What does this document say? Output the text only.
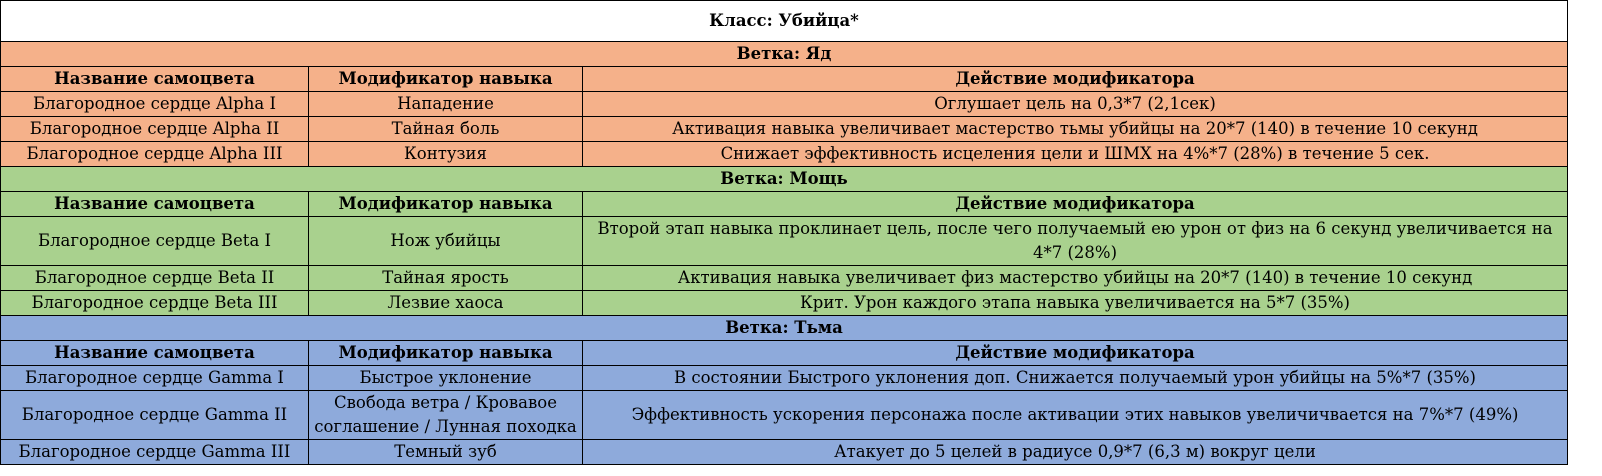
Класс: Убийца*		
Ветка: Яд		
Название самоцвета	Модификатор навыка	Действие модификатора
Благородное сердце Alpha I	Нападение	Оглушает цель на 0,3*7 (2,1сек)
Благородное сердце Alpha II	Тайная боль	Активация навыка увеличивает мастерство тьмы убийцы на 20*7 (140) в течение 10 секунд
Благородное сердце Alpha III	Контузия	Снижает эффективность исцеления цели и ШМХ на 4%*7 (28%) в течение 5 сек.
Ветка: Мощь		
Название самоцвета	Модификатор навыка	Действие модификатора
Благородное сердце Beta I	Нож убийцы	Второй этап навыка проклинает цель, после чего получаемый ею урон от физ на 6 секунд увеличивается на 4*7 (28%)
Благородное сердце Beta II	Тайная ярость	Активация навыка увеличивает физ мастерство убийцы на 20*7 (140) в течение 10 секунд
Благородное сердце Beta III	Лезвие хаоса	Крит. Урон каждого этапа навыка увеличивается на 5*7 (35%)
Ветка: Тьма		
Название самоцвета	Модификатор навыка	Действие модификатора
Благородное сердце Gamma I	Быстрое уклонение	В состоянии Быстрого уклонения доп. Снижается получаемый урон убийцы на 5%*7 (35%)
Благородное сердце Gamma II	Свобода ветра / Кровавое соглашение / Лунная походка	Эффективность ускорения персонажа после активации этих навыков увеличичвается на 7%*7 (49%)
Благородное сердце Gamma III	Темный зуб	Атакует до 5 целей в радиусе 0,9*7 (6,3 м) вокруг цели
